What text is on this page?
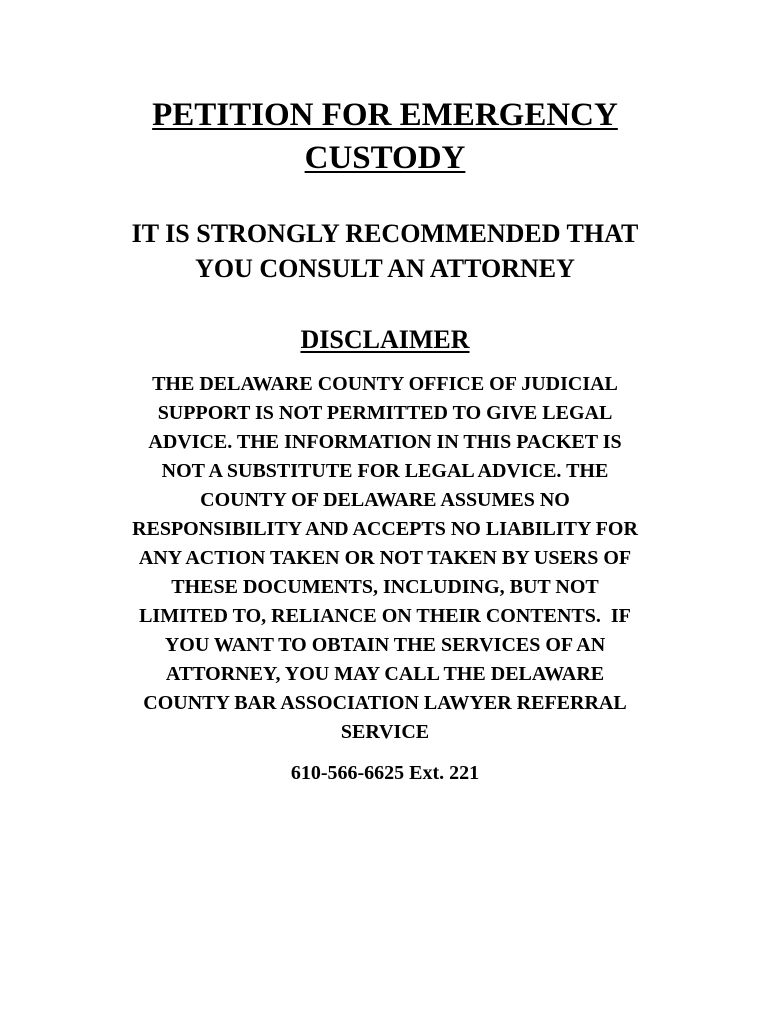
PETITION FOR EMERGENCY
CUSTODY
IT IS STRONGLY RECOMMENDED THAT
YOU CONSULT AN ATTORNEY
DISCLAIMER
THE DELAWARE COUNTY OFFICE OF JUDICIAL
SUPPORT IS NOT PERMITTED TO GIVE LEGAL
ADVICE. THE INFORMATION IN THIS PACKET IS
NOT A SUBSTITUTE FOR LEGAL ADVICE. THE
COUNTY OF DELAWARE ASSUMES NO
RESPONSIBILITY AND ACCEPTS NO LIABILITY FOR
ANY ACTION TAKEN OR NOT TAKEN BY USERS OF
THESE DOCUMENTS, INCLUDING, BUT NOT
LIMITED TO, RELIANCE ON THEIR CONTENTS.  IF
YOU WANT TO OBTAIN THE SERVICES OF AN
ATTORNEY, YOU MAY CALL THE DELAWARE
COUNTY BAR ASSOCIATION LAWYER REFERRAL
SERVICE
610-566-6625 Ext. 221
